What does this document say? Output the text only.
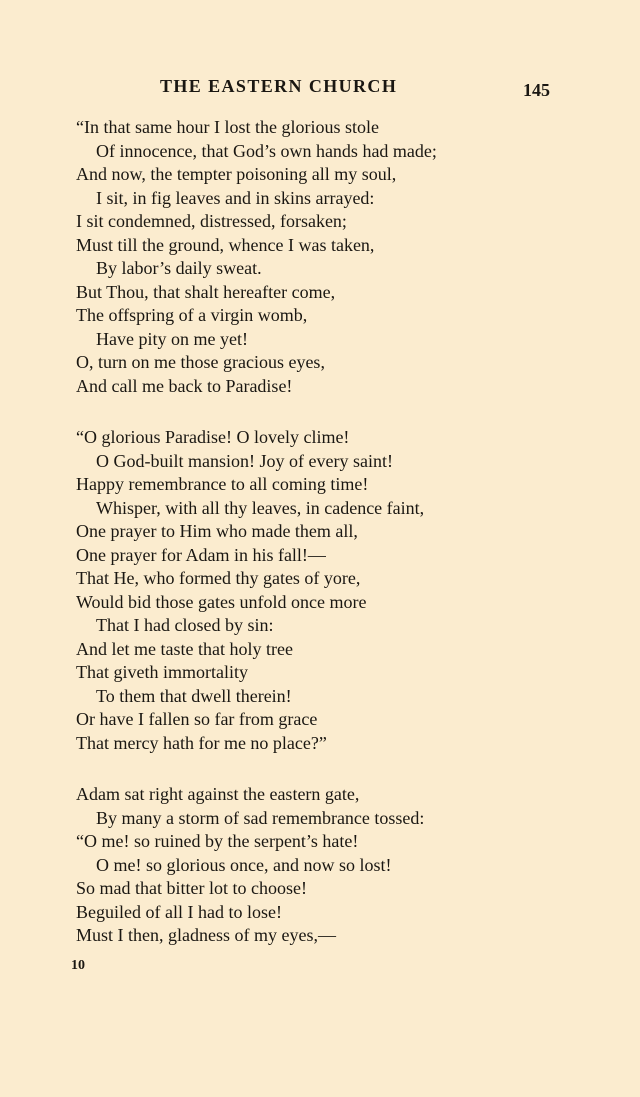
THE EASTERN CHURCH	145
“In that same hour I lost the glorious stole
Of innocence, that God’s own hands had made;
And now, the tempter poisoning all my soul,
I sit, in fig leaves and in skins arrayed:
I sit condemned, distressed, forsaken;
Must till the ground, whence I was taken,
By labor’s daily sweat.
But Thou, that shalt hereafter come,
The offspring of a virgin womb,
Have pity on me yet!
O, turn on me those gracious eyes,
And call me back to Paradise!
“O glorious Paradise! O lovely clime!
O God-built mansion! Joy of every saint!
Happy remembrance to all coming time!
Whisper, with all thy leaves, in cadence faint,
One prayer to Him who made them all,
One prayer for Adam in his fall!—
That He, who formed thy gates of yore,
Would bid those gates unfold once more
That I had closed by sin:
And let me taste that holy tree
That giveth immortality
To them that dwell therein!
Or have I fallen so far from grace
That mercy hath for me no place?”
Adam sat right against the eastern gate,
By many a storm of sad remembrance tossed:
“O me! so ruined by the serpent’s hate!
O me! so glorious once, and now so lost!
So mad that bitter lot to choose!
Beguiled of all I had to lose!
Must I then, gladness of my eyes,—
10
